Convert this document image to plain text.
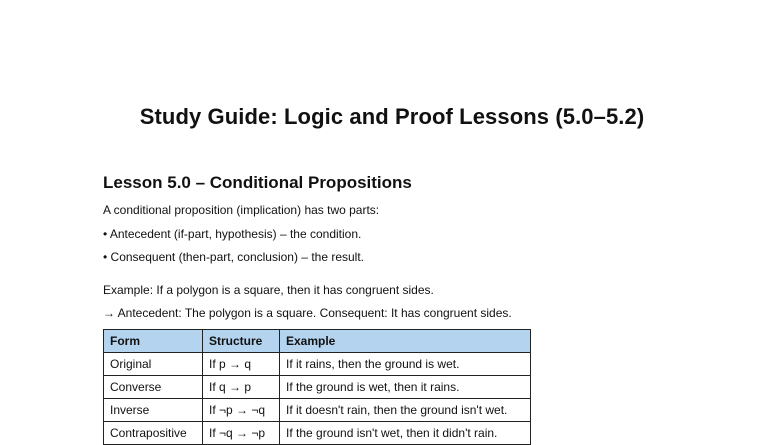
Study Guide: Logic and Proof Lessons (5.0–5.2)
Lesson 5.0 – Conditional Propositions

A conditional proposition (implication) has two parts:

• Antecedent (if-part, hypothesis) – the condition.

• Consequent (then-part, conclusion) – the result.

Example: If a polygon is a square, then it has congruent sides.

→ Antecedent: The polygon is a square. Consequent: It has congruent sides.

Form	Structure	Example
Original	If p → q	If it rains, then the ground is wet.
Converse	If q → p	If the ground is wet, then it rains.
Inverse	If ¬p → ¬q	If it doesn't rain, then the ground isn't wet.
Contrapositive	If ¬q → ¬p	If the ground isn't wet, then it didn't rain.
